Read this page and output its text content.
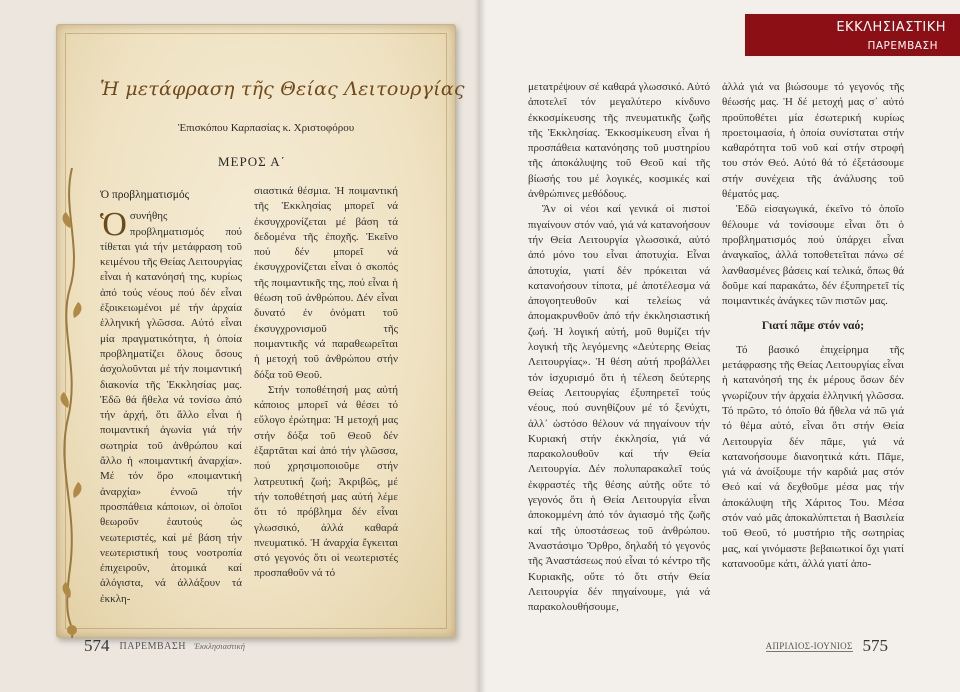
Ἡ μετάφραση τῆς Θείας Λειτουργίας
Ἐπισκόπου Καρπασίας κ. Χριστοφόρου
ΜΕΡΟΣ Α΄
Ὁ προβληματισμός

Ὁσυνήθης προβληματισμός πού τίθεται γιά τήν μετάφραση τοῦ κειμένου τῆς Θείας Λειτουργίας εἶναι ἡ κατανόησή της, κυρίως ἀπό τούς νέους πού δέν εἶναι ἐξοικειωμένοι μέ τήν ἀρχαία ἑλληνική γλῶσσα. Αὐτό εἶναι μία πραγματικότητα, ἡ ὁποία προβληματίζει ὅλους ὅσους ἀσχολοῦνται μέ τήν ποιμαντική διακονία τῆς Ἐκκλησίας μας. Ἐδῶ θά ἤθελα νά τονίσω ἀπό τήν ἀρχή, ὅτι ἄλλο εἶναι ἡ ποιμαντική ἀγωνία γιά τήν σωτηρία τοῦ ἀνθρώπου καί ἄλλο ἡ «ποιμαντική ἀναρχία». Μέ τόν ὅρο «ποιμαντική ἀναρχία» ἐννοῶ τήν προσπάθεια κάποιων, οἱ ὁποῖοι θεωροῦν ἑαυτούς ὡς νεωτεριστές, καί μέ βάση τήν νεωτεριστική τους νοοτροπία ἐπιχειροῦν, ἀτομικά καί ἀλόγιστα, νά ἀλλάξουν τά ἐκκλη-

σιαστικά θέσμια. Ἡ ποιμαντική τῆς Ἐκκλησίας μπορεῖ νά ἐκσυγχρονίζεται μέ βάση τά δεδομένα τῆς ἐποχῆς. Ἐκεῖνο πού δέν μπορεῖ νά ἐκσυγχρονίζεται εἶναι ὁ σκοπός τῆς ποιμαντικῆς της, πού εἶναι ἡ θέωση τοῦ ἀνθρώπου. Δέν εἶναι δυνατό ἐν ὀνόματι τοῦ ἐκσυγχρονισμοῦ τῆς ποιμαντικῆς νά παραθεωρεῖται ἡ μετοχή τοῦ ἀνθρώπου στήν δόξα τοῦ Θεοῦ.

Στήν τοποθέτησή μας αὐτή κάποιος μπορεῖ νά θέσει τό εὔλογο ἐρώτημα: Ἡ μετοχή μας στήν δόξα τοῦ Θεοῦ δέν ἐξαρτᾶται καί ἀπό τήν γλῶσσα, πού χρησιμοποιοῦμε στήν λατρευτική ζωή; Ἀκριβῶς, μέ τήν τοποθέτησή μας αὐτή λέμε ὅτι τό πρόβλημα δέν εἶναι γλωσσικό, ἀλλά καθαρά πνευματικό. Ἡ ἀναρχία ἔγκειται στό γεγονός ὅτι οἱ νεωτεριστές προσπαθοῦν νά τό

μετατρέψουν σέ καθαρά γλωσσικό. Αὐτό ἀποτελεῖ τόν μεγαλύτερο κίνδυνο ἐκκοσμίκευσης τῆς πνευματικῆς ζωῆς τῆς Ἐκκλησίας. Ἐκκοσμίκευση εἶναι ἡ προσπάθεια κατανόησης τοῦ μυστηρίου τῆς ἀποκάλυψης τοῦ Θεοῦ καί τῆς βίωσής του μέ λογικές, κοσμικές καί ἀνθρώπινες μεθόδους.

Ἄν οἱ νέοι καί γενικά οἱ πιστοί πιγαίνουν στόν ναό, γιά νά κατανοήσουν τήν Θεία Λειτουργία γλωσσικά, αὐτό ἀπό μόνο του εἶναι ἀποτυχία. Εἶναι ἀποτυχία, γιατί δέν πρόκειται νά κατανοήσουν τίποτα, μέ ἀποτέλεσμα νά ἀπογοητευθοῦν καί τελείως νά ἀπομακρυνθοῦν ἀπό τήν ἐκκλησιαστική ζωή. Ἡ λογική αὐτή, μοῦ θυμίζει τήν λογική τῆς λεγόμενης «Δεύτερης Θείας Λειτουργίας». Ἡ θέση αὐτή προβάλλει τόν ἰσχυρισμό ὅτι ἡ τέλεση δεύτερης Θείας Λειτουργίας ἐξυπηρετεῖ τούς νέους, πού συνηθίζουν μέ τό ξενύχτι, ἀλλ᾽ ὡστόσο θέλουν νά πηγαίνουν τήν Κυριακή στήν ἐκκλησία, γιά νά παρακολουθοῦν καί τήν Θεία Λειτουργία. Δέν πολυπαρακαλεῖ τούς ἐκφραστές τῆς θέσης αὐτῆς οὔτε τό γεγονός ὅτι ἡ Θεία Λειτουργία εἶναι ἀποκομμένη ἀπό τόν ἁγιασμό τῆς ζωῆς καί τῆς ὑποστάσεως τοῦ ἀνθρώπου. Ἀναστάσιμο Ὄρθρο, δηλαδή τό γεγονός τῆς Ἀναστάσεως πού εἶναι τό κέντρο τῆς Κυριακῆς, οὔτε τό ὅτι στήν Θεία Λειτουργία δέν πηγαίνουμε, γιά νά παρακολουθήσουμε,

ἀλλά γιά να βιώσουμε τό γεγονός τῆς θέωσής μας. Ἡ δέ μετοχή μας σ᾽ αὐτό προϋποθέτει μία ἐσωτερική κυρίως προετοιμασία, ἡ ὁποία συνίσταται στήν καθαρότητα τοῦ νοῦ καί στήν στροφή του στόν Θεό. Αὐτό θά τό ἐξετάσουμε στήν συνέχεια τῆς ἀνάλυσης τοῦ θέματός μας.

Ἐδῶ εἰσαγωγικά, ἐκεῖνο τό ὁποῖο θέλουμε νά τονίσουμε εἶναι ὅτι ὁ προβληματισμός πού ὑπάρχει εἶναι ἀναγκαῖος, ἀλλά τοποθετεῖται πάνω σέ λανθασμένες βάσεις καί τελικά, ὅπως θά δοῦμε καί παρακάτω, δέν ἐξυπηρετεῖ τίς ποιμαντικές ἀνάγκες τῶν πιστῶν μας.

Γιατί πᾶμε στόν ναό;

Τό βασικό ἐπιχείρημα τῆς μετάφρασης τῆς Θείας Λειτουργίας εἶναι ἡ κατανόησή της ἐκ μέρους ὅσων δέν γνωρίζουν τήν ἀρχαία ἑλληνική γλῶσσα. Τό πρῶτο, τό ὁποῖο θά ἤθελα νά πῶ γιά τό θέμα αὐτό, εἶναι ὅτι στήν Θεία Λειτουργία δέν πᾶμε, γιά νά κατανοήσουμε διανοητικά κάτι. Πᾶμε, γιά νά ἀνοίξουμε τήν καρδιά μας στόν Θεό καί νά δεχθοῦμε μέσα μας τήν ἀποκάλυψη τῆς Χάριτος Του. Μέσα στόν ναό μᾶς ἀποκαλύπτεται ἡ Βασιλεία τοῦ Θεοῦ, τό μυστήριο τῆς σωτηρίας μας, καί γινόμαστε βεβαιωτικοί ὄχι γιατί κατανοοῦμε κάτι, ἀλλά γιατί ἀπο-

ΕΚΚΛΗΣΙΑΣΤΙΚΗ
ΠΑΡΕΜΒΑΣΗ
574 ΠΑΡΕΜΒΑΣΗ Ἐκκλησιαστική	ΑΠΡΙΛΙΟΣ-ΙΟΥΝΙΟΣ 575
